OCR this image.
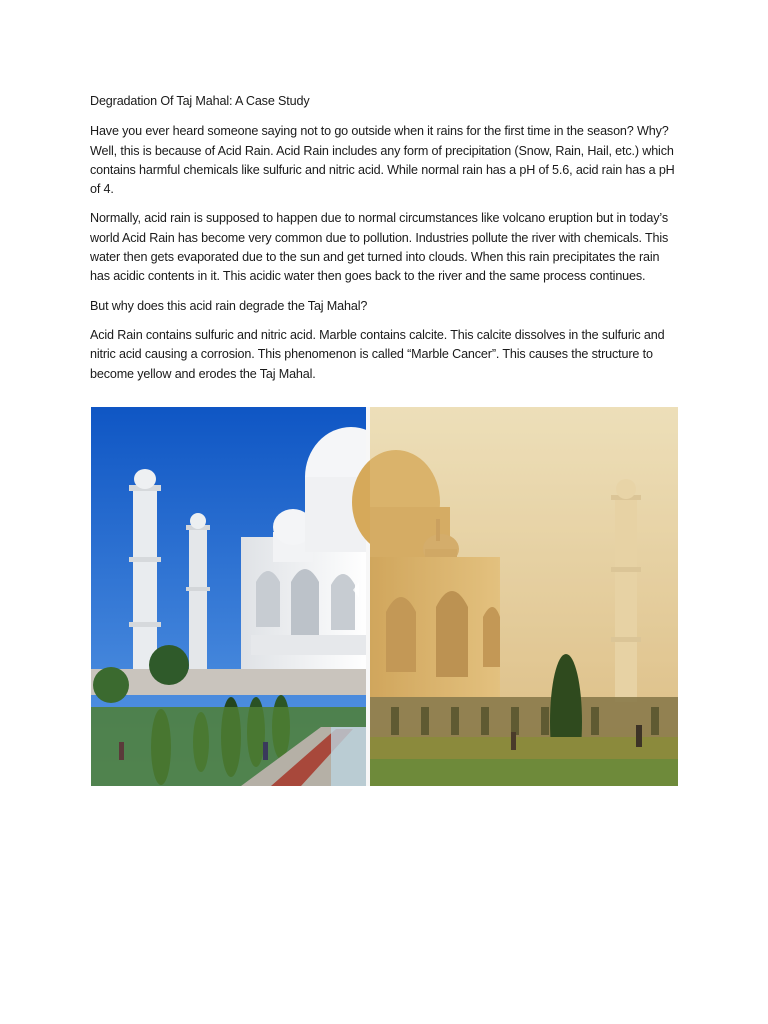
Degradation Of Taj Mahal: A Case Study

Have you ever heard someone saying not to go outside when it rains for the first time in the season? Why? Well, this is because of Acid Rain. Acid Rain includes any form of precipitation (Snow, Rain, Hail, etc.) which contains harmful chemicals like sulfuric and nitric acid. While normal rain has a pH of 5.6, acid rain has a pH of 4.

Normally, acid rain is supposed to happen due to normal circumstances like volcano eruption but in today’s world Acid Rain has become very common due to pollution. Industries pollute the river with chemicals. This water then gets evaporated due to the sun and get turned into clouds. When this rain precipitates the rain has acidic contents in it. This acidic water then goes back to the river and the same process continues.

But why does this acid rain degrade the Taj Mahal?

Acid Rain contains sulfuric and nitric acid. Marble contains calcite. This calcite dissolves in the sulfuric and nitric acid causing a corrosion. This phenomenon is called “Marble Cancer”. This causes the structure to become yellow and erodes the Taj Mahal.
